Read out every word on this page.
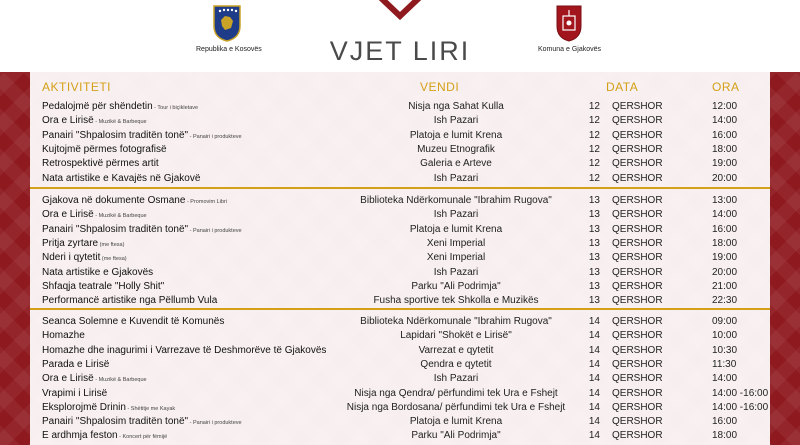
Republika e Kosovës	Komuna e Gjakovës
VJET LIRI
AKTIVITETI	VENDI	DATA	ORA
Pedalojmë për shëndetin - Tour i biçikletave	Nisja nga Sahat Kulla	12 QERSHOR	12:00
Ora e Lirisë - Muzikë & Barbeque	Ish Pazari	12 QERSHOR	14:00
Panairi "Shpalosim traditën tonë" - Panairi i produkteve	Platoja e lumit Krena	12 QERSHOR	16:00
Kujtojmë përmes fotografisë	Muzeu Etnografik	12 QERSHOR	18:00
Retrospektivë përmes artit	Galeria e Arteve	12 QERSHOR	19:00
Nata artistike e Kavajës në Gjakovë	Ish Pazari	12 QERSHOR	20:00
Gjakova në dokumente Osmane - Promovim Libri	Biblioteka Ndërkomunale "Ibrahim Rugova"	13 QERSHOR	13:00
Ora e Lirisë - Muzikë & Barbeque	Ish Pazari	13 QERSHOR	14:00
Panairi "Shpalosim traditën tonë" - Panairi i produkteve	Platoja e lumit Krena	13 QERSHOR	16:00
Pritja zyrtare (me ftesa)	Xeni Imperial	13 QERSHOR	18:00
Nderi i qytetit (me ftesa)	Xeni Imperial	13 QERSHOR	19:00
Nata artistike e Gjakovës	Ish Pazari	13 QERSHOR	20:00
Shfaqja teatrale "Holly Shit"	Parku "Ali Podrimja"	13 QERSHOR	21:00
Performancë artistike nga Pëllumb Vula	Fusha sportive tek Shkolla e Muzikës	13 QERSHOR	22:30
Seanca Solemne e Kuvendit të Komunës	Biblioteka Ndërkomunale "Ibrahim Rugova"	14 QERSHOR	09:00
Homazhe	Lapidari "Shokët e Lirisë"	14 QERSHOR	10:00
Homazhe dhe inagurimi i Varrezave të Deshmorëve të Gjakovës	Varrezat e qytetit	14 QERSHOR	10:30
Parada e Lirisë	Qendra e qytetit	14 QERSHOR	11:30
Ora e Lirisë - Muzikë & Barbeque	Ish Pazari	14 QERSHOR	14:00
Vrapimi i Lirisë	Nisja nga Qendra/ përfundimi tek Ura e Fshejt	14 QERSHOR	14:00 -16:00
Eksplorojmë Drinin - Shëtitje me Kayak	Nisja nga Bordosana/ përfundimi tek Ura e Fshejt	14 QERSHOR	14:00 -16:00
Panairi "Shpalosim traditën tonë" - Panairi i produkteve	Platoja e lumit Krena	14 QERSHOR	16:00
E ardhmja feston - Koncert për fëmijë	Parku "Ali Podrimja"	14 QERSHOR	18:00
